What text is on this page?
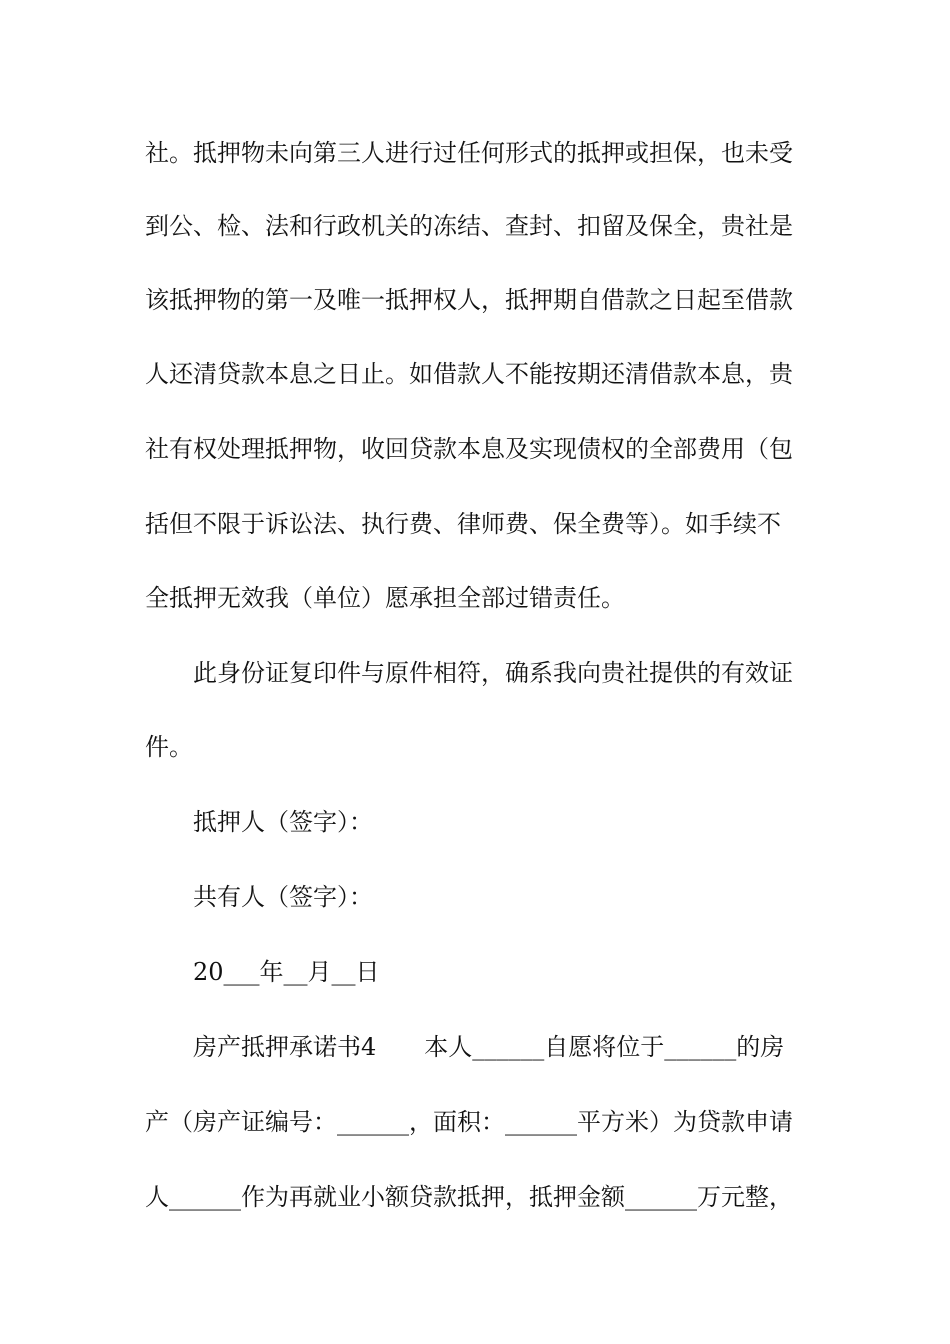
社。抵押物未向第三人进行过任何形式的抵押或担保，也未受
到公、检、法和行政机关的冻结、查封、扣留及保全，贵社是
该抵押物的第一及唯一抵押权人，抵押期自借款之日起至借款
人还清贷款本息之日止。如借款人不能按期还清借款本息，贵
社有权处理抵押物，收回贷款本息及实现债权的全部费用（包
括但不限于诉讼法、执行费、律师费、保全费等）。如手续不
全抵押无效我（单位）愿承担全部过错责任。
此身份证复印件与原件相符，确系我向贵社提供的有效证
件。
抵押人（签字）：
共有人（签字）：
20___年__月__日
房产抵押承诺书4　　本人______自愿将位于______的房
产（房产证编号：______，面积：______平方米）为贷款申请
人______作为再就业小额贷款抵押，抵押金额______万元整，
